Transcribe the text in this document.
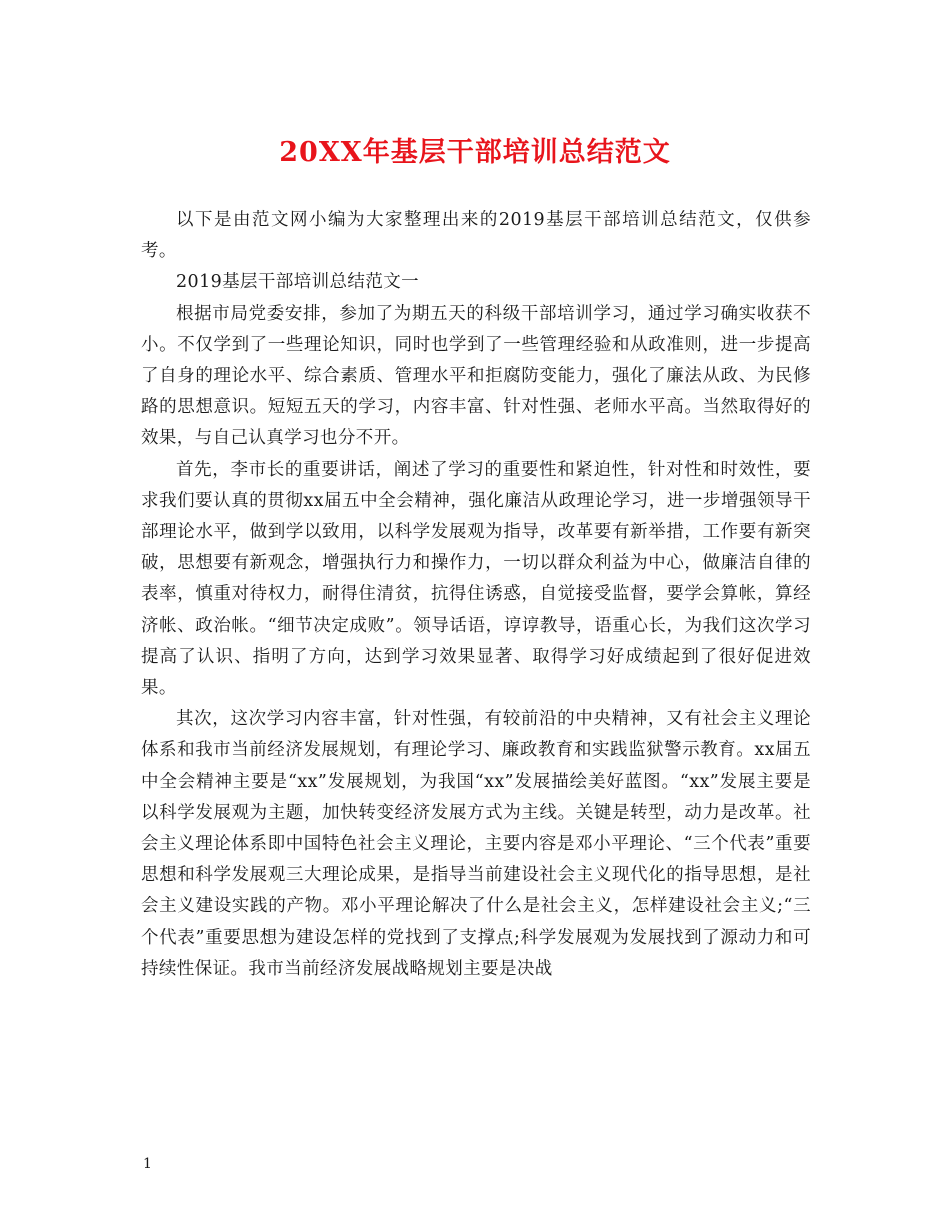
20XX年基层干部培训总结范文

以下是由范文网小编为大家整理出来的2019基层干部培训总结范文，仅供参考。

2019基层干部培训总结范文一

根据市局党委安排，参加了为期五天的科级干部培训学习，通过学习确实收获不小。不仅学到了一些理论知识，同时也学到了一些管理经验和从政准则，进一步提高了自身的理论水平、综合素质、管理水平和拒腐防变能力，强化了廉法从政、为民修路的思想意识。短短五天的学习，内容丰富、针对性强、老师水平高。当然取得好的效果，与自己认真学习也分不开。

首先，李市长的重要讲话，阐述了学习的重要性和紧迫性，针对性和时效性，要求我们要认真的贯彻xx届五中全会精神，强化廉洁从政理论学习，进一步增强领导干部理论水平，做到学以致用，以科学发展观为指导，改革要有新举措，工作要有新突破，思想要有新观念，增强执行力和操作力，一切以群众利益为中心，做廉洁自律的表率，慎重对待权力，耐得住清贫，抗得住诱惑，自觉接受监督，要学会算帐，算经济帐、政治帐。“细节决定成败”。领导话语，谆谆教导，语重心长，为我们这次学习提高了认识、指明了方向，达到学习效果显著、取得学习好成绩起到了很好促进效果。

其次，这次学习内容丰富，针对性强，有较前沿的中央精神，又有社会主义理论体系和我市当前经济发展规划，有理论学习、廉政教育和实践监狱警示教育。xx届五中全会精神主要是“xx”发展规划，为我国“xx”发展描绘美好蓝图。“xx”发展主要是以科学发展观为主题，加快转变经济发展方式为主线。关键是转型，动力是改革。社会主义理论体系即中国特色社会主义理论，主要内容是邓小平理论、“三个代表”重要思想和科学发展观三大理论成果，是指导当前建设社会主义现代化的指导思想，是社会主义建设实践的产物。邓小平理论解决了什么是社会主义，怎样建设社会主义;“三个代表”重要思想为建设怎样的党找到了支撑点;科学发展观为发展找到了源动力和可持续性保证。我市当前经济发展战略规划主要是决战

1
